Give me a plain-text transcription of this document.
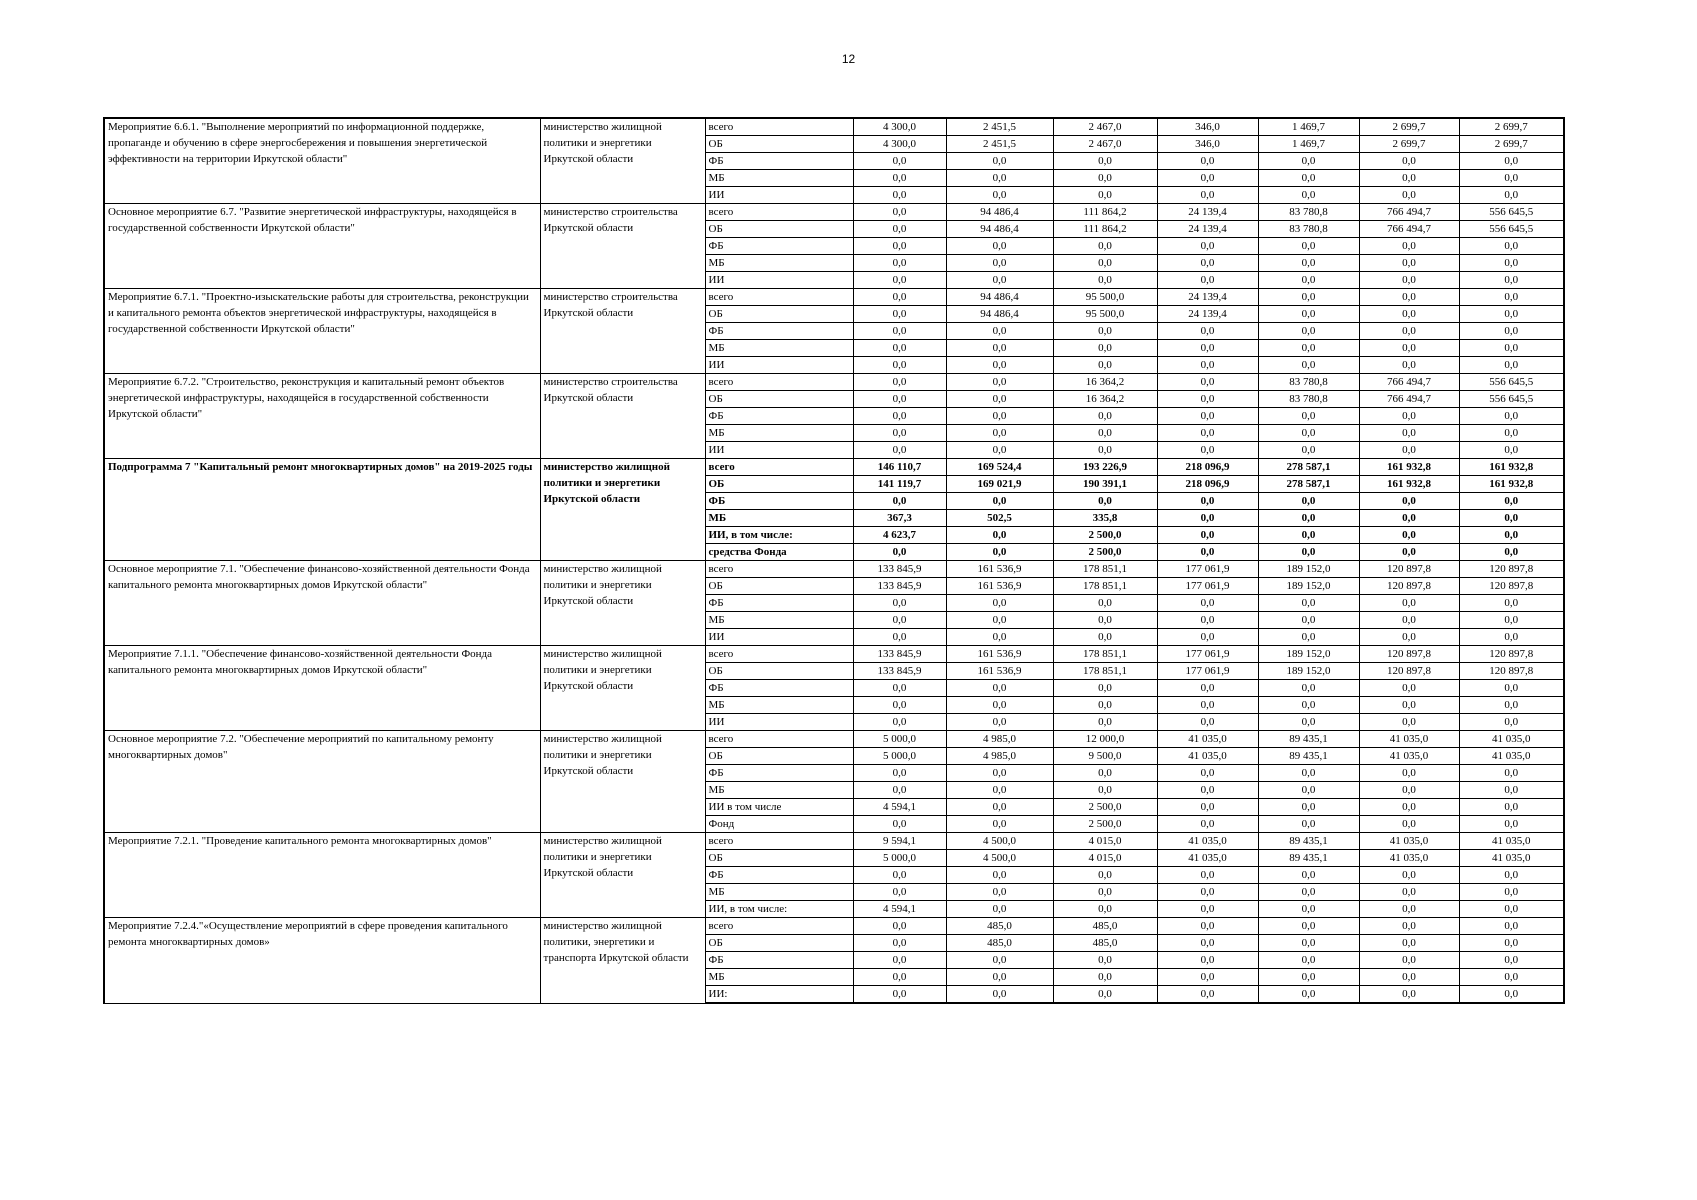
12
Мероприятие 6.6.1. "Выполнение мероприятий по информационной поддержке, пропаганде и обучению в сфере энергосбережения и повышения энергетической эффективности на территории Иркутской области"	министерство жилищной политики и энергетики Иркутской области	всего	4 300,0	2 451,5	2 467,0	346,0	1 469,7	2 699,7	2 699,7
		ОБ	4 300,0	2 451,5	2 467,0	346,0	1 469,7	2 699,7	2 699,7
		ФБ	0,0	0,0	0,0	0,0	0,0	0,0	0,0
		МБ	0,0	0,0	0,0	0,0	0,0	0,0	0,0
		ИИ	0,0	0,0	0,0	0,0	0,0	0,0	0,0
Основное мероприятие 6.7. "Развитие энергетической инфраструктуры, находящейся в государственной собственности Иркутской области"	министерство строительства Иркутской области	всего	0,0	94 486,4	111 864,2	24 139,4	83 780,8	766 494,7	556 645,5
		ОБ	0,0	94 486,4	111 864,2	24 139,4	83 780,8	766 494,7	556 645,5
		ФБ	0,0	0,0	0,0	0,0	0,0	0,0	0,0
		МБ	0,0	0,0	0,0	0,0	0,0	0,0	0,0
		ИИ	0,0	0,0	0,0	0,0	0,0	0,0	0,0
Мероприятие 6.7.1. "Проектно-изыскательские работы для строительства, реконструкции и капитального ремонта объектов энергетической инфраструктуры, находящейся в государственной собственности Иркутской области"	министерство строительства Иркутской области	всего	0,0	94 486,4	95 500,0	24 139,4	0,0	0,0	0,0
		ОБ	0,0	94 486,4	95 500,0	24 139,4	0,0	0,0	0,0
		ФБ	0,0	0,0	0,0	0,0	0,0	0,0	0,0
		МБ	0,0	0,0	0,0	0,0	0,0	0,0	0,0
		ИИ	0,0	0,0	0,0	0,0	0,0	0,0	0,0
Мероприятие 6.7.2. "Строительство, реконструкция и капитальный ремонт объектов энергетической инфраструктуры, находящейся в государственной собственности Иркутской области"	министерство строительства Иркутской области	всего	0,0	0,0	16 364,2	0,0	83 780,8	766 494,7	556 645,5
		ОБ	0,0	0,0	16 364,2	0,0	83 780,8	766 494,7	556 645,5
		ФБ	0,0	0,0	0,0	0,0	0,0	0,0	0,0
		МБ	0,0	0,0	0,0	0,0	0,0	0,0	0,0
		ИИ	0,0	0,0	0,0	0,0	0,0	0,0	0,0
Подпрограмма 7 "Капитальный ремонт многоквартирных домов" на 2019-2025 годы	министерство жилищной политики и энергетики Иркутской области	всего	146 110,7	169 524,4	193 226,9	218 096,9	278 587,1	161 932,8	161 932,8
		ОБ	141 119,7	169 021,9	190 391,1	218 096,9	278 587,1	161 932,8	161 932,8
		ФБ	0,0	0,0	0,0	0,0	0,0	0,0	0,0
		МБ	367,3	502,5	335,8	0,0	0,0	0,0	0,0
		ИИ, в том числе:	4 623,7	0,0	2 500,0	0,0	0,0	0,0	0,0
		средства Фонда	0,0	0,0	2 500,0	0,0	0,0	0,0	0,0
Основное мероприятие 7.1. "Обеспечение финансово-хозяйственной деятельности Фонда капитального ремонта многоквартирных домов Иркутской области"	министерство жилищной политики и энергетики Иркутской области	всего	133 845,9	161 536,9	178 851,1	177 061,9	189 152,0	120 897,8	120 897,8
		ОБ	133 845,9	161 536,9	178 851,1	177 061,9	189 152,0	120 897,8	120 897,8
		ФБ	0,0	0,0	0,0	0,0	0,0	0,0	0,0
		МБ	0,0	0,0	0,0	0,0	0,0	0,0	0,0
		ИИ	0,0	0,0	0,0	0,0	0,0	0,0	0,0
Мероприятие 7.1.1. "Обеспечение финансово-хозяйственной деятельности Фонда капитального ремонта многоквартирных домов Иркутской области"	министерство жилищной политики и энергетики Иркутской области	всего	133 845,9	161 536,9	178 851,1	177 061,9	189 152,0	120 897,8	120 897,8
		ОБ	133 845,9	161 536,9	178 851,1	177 061,9	189 152,0	120 897,8	120 897,8
		ФБ	0,0	0,0	0,0	0,0	0,0	0,0	0,0
		МБ	0,0	0,0	0,0	0,0	0,0	0,0	0,0
		ИИ	0,0	0,0	0,0	0,0	0,0	0,0	0,0
Основное мероприятие 7.2. "Обеспечение мероприятий по капитальному ремонту многоквартирных домов"	министерство жилищной политики и энергетики Иркутской области	всего	5 000,0	4 985,0	12 000,0	41 035,0	89 435,1	41 035,0	41 035,0
		ОБ	5 000,0	4 985,0	9 500,0	41 035,0	89 435,1	41 035,0	41 035,0
		ФБ	0,0	0,0	0,0	0,0	0,0	0,0	0,0
		МБ	0,0	0,0	0,0	0,0	0,0	0,0	0,0
		ИИ в том числе	4 594,1	0,0	2 500,0	0,0	0,0	0,0	0,0
		Фонд	0,0	0,0	2 500,0	0,0	0,0	0,0	0,0
Мероприятие 7.2.1. "Проведение капитального ремонта многоквартирных домов"	министерство жилищной политики и энергетики Иркутской области	всего	9 594,1	4 500,0	4 015,0	41 035,0	89 435,1	41 035,0	41 035,0
		ОБ	5 000,0	4 500,0	4 015,0	41 035,0	89 435,1	41 035,0	41 035,0
		ФБ	0,0	0,0	0,0	0,0	0,0	0,0	0,0
		МБ	0,0	0,0	0,0	0,0	0,0	0,0	0,0
		ИИ, в том числе:	4 594,1	0,0	0,0	0,0	0,0	0,0	0,0
Мероприятие 7.2.4."«Осуществление мероприятий в сфере проведения капитального ремонта многоквартирных домов»	министерство жилищной политики, энергетики и транспорта Иркутской области	всего	0,0	485,0	485,0	0,0	0,0	0,0	0,0
		ОБ	0,0	485,0	485,0	0,0	0,0	0,0	0,0
		ФБ	0,0	0,0	0,0	0,0	0,0	0,0	0,0
		МБ	0,0	0,0	0,0	0,0	0,0	0,0	0,0
		ИИ:	0,0	0,0	0,0	0,0	0,0	0,0	0,0
